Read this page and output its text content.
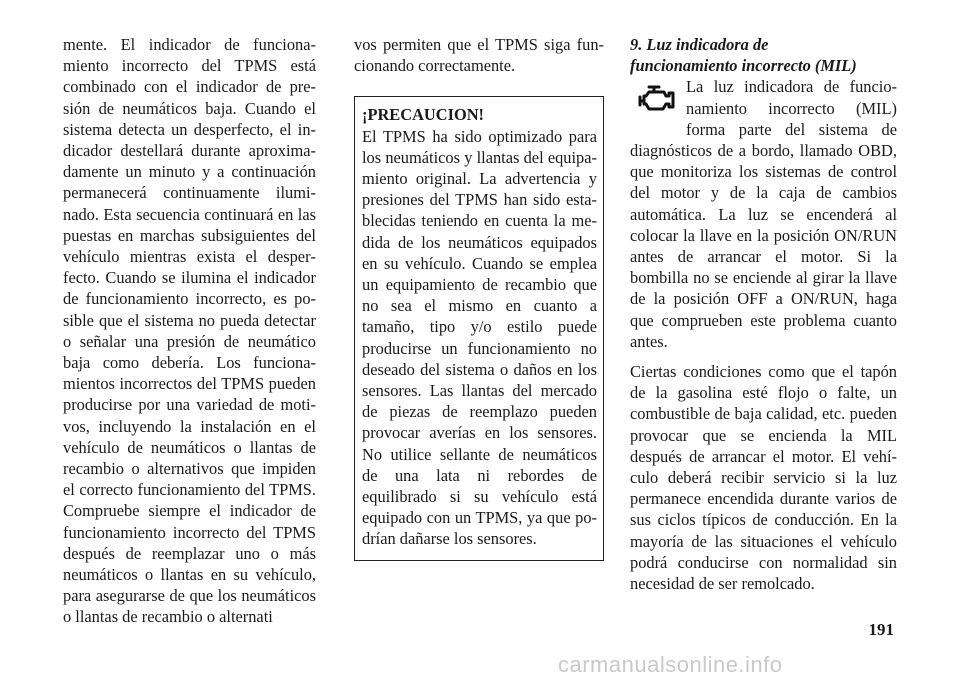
mente. El indicador de funcionamiento incorrecto del TPMS está combinado con el indicador de presión de neumáticos baja. Cuando el sistema detecta un desperfecto, el indicador destellará durante aproximadamente un minuto y a continuación permanecerá continuamente iluminado. Esta secuencia continuará en las puestas en marchas subsiguientes del vehículo mientras exista el desperfecto. Cuando se ilumina el indicador de funcionamiento incorrecto, es posible que el sistema no pueda detectar o señalar una presión de neumático baja como debería. Los funcionamientos incorrectos del TPMS pueden producirse por una variedad de motivos, incluyendo la instalación en el vehículo de neumáticos o llantas de recambio o alternativos que impiden el correcto funcionamiento del TPMS. Compruebe siempre el indicador de funcionamiento incorrecto del TPMS después de reemplazar uno o más neumáticos o llantas en su vehículo, para asegurarse de que los neumáticos o llantas de recambio o alternati

vos permiten que el TPMS siga funcionando correctamente.

¡PRECAUCION!

El TPMS ha sido optimizado para los neumáticos y llantas del equipamiento original. La advertencia y presiones del TPMS han sido establecidas teniendo en cuenta la medida de los neumáticos equipados en su vehículo. Cuando se emplea un equipamiento de recambio que no sea el mismo en cuanto a tamaño, tipo y/o estilo puede producirse un funcionamiento no deseado del sistema o daños en los sensores. Las llantas del mercado de piezas de reemplazo pueden provocar averías en los sensores. No utilice sellante de neumáticos de una lata ni rebordes de equilibrado si su vehículo está equipado con un TPMS, ya que podrían dañarse los sensores.

9. Luz indicadora de

funcionamiento incorrecto (MIL)

La luz indicadora de funcionamiento incorrecto (MIL) forma parte del sistema de diagnósticos de a bordo, llamado OBD, que monitoriza los sistemas de control del motor y de la caja de cambios automática. La luz se encenderá al colocar la llave en la posición ON/RUN antes de arrancar el motor. Si la bombilla no se enciende al girar la llave de la posición OFF a ON/RUN, haga que comprueben este problema cuanto antes.

Ciertas condiciones como que el tapón de la gasolina esté flojo o falte, un combustible de baja calidad, etc. pueden provocar que se encienda la MIL después de arrancar el motor. El vehículo deberá recibir servicio si la luz permanece encendida durante varios de sus ciclos típicos de conducción. En la mayoría de las situaciones el vehículo podrá conducirse con normalidad sin necesidad de ser remolcado.

191
carmanualsonline.info
